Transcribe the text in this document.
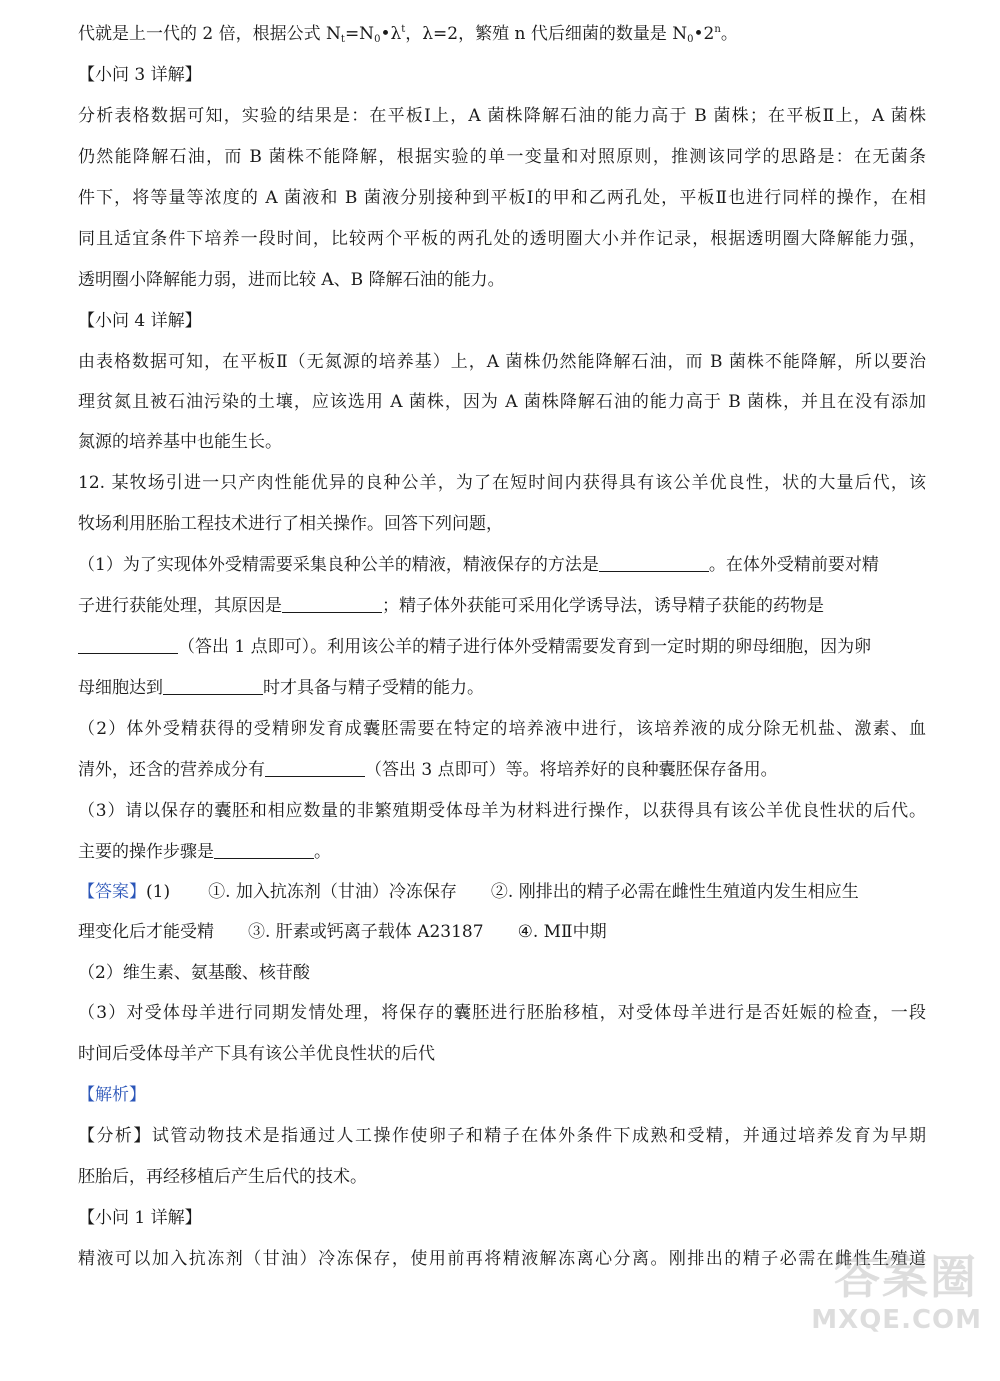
代就是上一代的 2 倍，根据公式 $N_t=N_0•\lambda^t$，λ=2，繁殖 n 代后细菌的数量是 $N_0•2^n$。
【小问 3 详解】
分析表格数据可知，实验的结果是：在平板Ⅰ上，A 菌株降解石油的能力高于 B 菌株；在平板Ⅱ上，A 菌株
仍然能降解石油，而 B 菌株不能降解，根据实验的单一变量和对照原则，推测该同学的思路是：在无菌条
件下，将等量等浓度的 A 菌液和 B 菌液分别接种到平板Ⅰ的甲和乙两孔处，平板Ⅱ也进行同样的操作，在相
同且适宜条件下培养一段时间，比较两个平板的两孔处的透明圈大小并作记录，根据透明圈大降解能力强，
透明圈小降解能力弱，进而比较 A、B 降解石油的能力。
【小问 4 详解】
由表格数据可知，在平板Ⅱ（无氮源的培养基）上，A 菌株仍然能降解石油，而 B 菌株不能降解，所以要治
理贫氮且被石油污染的土壤，应该选用 A 菌株，因为 A 菌株降解石油的能力高于 B 菌株，并且在没有添加
氮源的培养基中也能生长。
12. 某牧场引进一只产肉性能优异的良种公羊，为了在短时间内获得具有该公羊优良性，状的大量后代，该
牧场利用胚胎工程技术进行了相关操作。回答下列问题，
（1）为了实现体外受精需要采集良种公羊的精液，精液保存的方法是	。在体外受精前要对精
子进行获能处理，其原因是	；精子体外获能可采用化学诱导法，诱导精子获能的药物是
（答出 1 点即可）。利用该公羊的精子进行体外受精需要发育到一定时期的卵母细胞，因为卵
母细胞达到	时才具备与精子受精的能力。
（2）体外受精获得的受精卵发育成囊胚需要在特定的培养液中进行，该培养液的成分除无机盐、激素、血
清外，还含的营养成分有	（答出 3 点即可）等。将培养好的良种囊胚保存备用。
（3）请以保存的囊胚和相应数量的非繁殖期受体母羊为材料进行操作，以获得具有该公羊优良性状的后代。
主要的操作步骤是	。
【答案】(1) ①. 加入抗冻剂（甘油）冷冻保存 ②. 刚排出的精子必需在雌性生殖道内发生相应生
理变化后才能受精 ③. 肝素或钙离子载体 A23187 ④. MⅡ中期
（2）维生素、氨基酸、核苷酸
（3）对受体母羊进行同期发情处理，将保存的囊胚进行胚胎移植，对受体母羊进行是否妊娠的检查，一段
时间后受体母羊产下具有该公羊优良性状的后代
【解析】
【分析】试管动物技术是指通过人工操作使卵子和精子在体外条件下成熟和受精，并通过培养发育为早期
胚胎后，再经移植后产生后代的技术。
【小问 1 详解】
精液可以加入抗冻剂（甘油）冷冻保存，使用前再将精液解冻离心分离。刚排出的精子必需在雌性生殖道
答案圈
MXQE.COM
